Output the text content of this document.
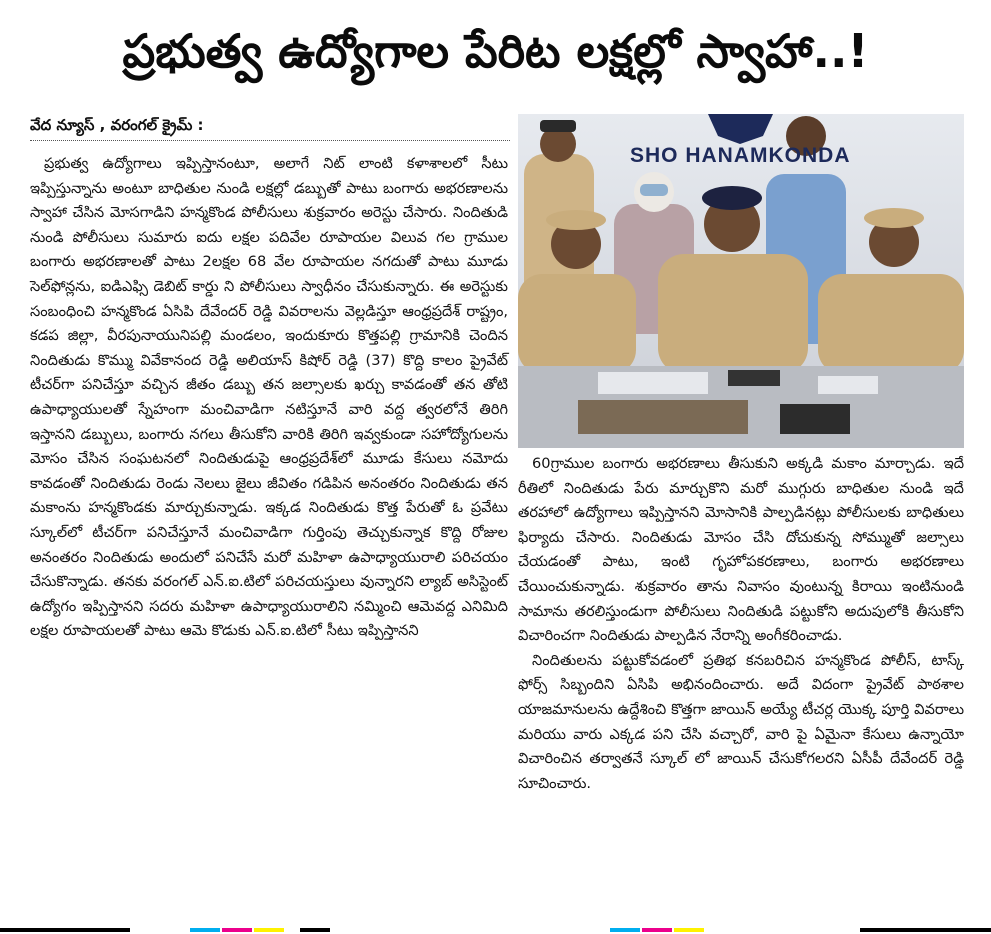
ప్రభుత్వ ఉద్యోగాల పేరిట లక్షల్లో స్వాహా..!
వేద న్యూస్ , వరంగల్ క్రైమ్ :

ప్రభుత్వ ఉద్యోగాలు ఇప్పిస్తానంటూ, అలాగే నిట్ లాంటి కళాశాలలో సీటు ఇప్పిస్తున్నాను అంటూ బాధితుల నుండి లక్షల్లో డబ్బుతో పాటు బంగారు అభరణాలను స్వాహా చేసిన మోసగాడిని హన్మకొండ పోలీసులు శుక్రవారం అరెస్టు చేసారు. నిందితుడి నుండి పోలీసులు సుమారు ఐదు లక్షల పదివేల రూపాయల విలువ గల గ్రాముల బంగారు అభరణాలతో పాటు 2లక్షల 68 వేల రూపాయల నగదుతో పాటు మూడు సెల్‌ఫోన్లను, ఐడిఎఫ్సి డెబిట్ కార్డు ని పోలీసులు స్వాధీనం చేసుకున్నారు. ఈ అరెస్టుకు సంబంధించి హన్మకొండ ఏసిపి దేవేందర్ రెడ్డి వివరాలను వెల్లడిస్తూ ఆంధ్రప్రదేశ్ రాష్ట్రం, కడప జిల్లా, వీరపునాయునిపల్లి మండలం, ఇందుకూరు కొత్తపల్లి గ్రామానికి చెందిన నిందితుడు కొమ్ము వివేకానంద రెడ్డి అలియాస్ కిషోర్ రెడ్డి (37) కొద్ది కాలం ప్రైవేట్ టీచర్‌గా పనిచేస్తూ వచ్చిన జీతం డబ్బు తన జల్సాలకు ఖర్చు కావడంతో తన తోటి ఉపాధ్యాయులతో స్నేహంగా మంచివాడిగా నటిస్తూనే వారి వద్ద త్వరలోనే తిరిగి ఇస్తానని డబ్బులు, బంగారు నగలు తీసుకోని వారికి తిరిగి ఇవ్వకుండా సహోద్యోగులను మోసం చేసిన సంఘటనలో నిందితుడుపై ఆంధ్రప్రదేశ్‌లో మూడు కేసులు నమోదు కావడంతో నిందితుడు రెండు నెలలు జైలు జీవితం గడిపిన అనంతరం నిందితుడు తన మకాంను హన్మకొండకు మార్చుకున్నాడు. ఇక్కడ నిందితుడు కొత్త పేరుతో ఓ ప్రవేటు స్కూల్‌లో టీచర్‌గా పనిచేస్తూనే మంచివాడిగా గుర్తింపు తెచ్చుకున్నాక కొద్ది రోజుల అనంతరం నిందితుడు అందులో పనిచేసే మరో మహిళా ఉపాధ్యాయురాలి పరిచయం చేసుకొన్నాడు. తనకు వరంగల్ ఎన్.ఐ.టిలో పరిచయస్తులు వున్నారని ల్యాబ్ అసిస్టెంట్ ఉద్యోగం ఇప్పిస్తానని సదరు మహిళా ఉపాధ్యాయురాలిని నమ్మించి ఆమెవద్ద ఎనిమిది లక్షల రూపాయలతో పాటు ఆమె కొడుకు ఎన్.ఐ.టిలో సీటు ఇప్పిస్తానని

SHO HANAMKONDA

60గ్రాముల బంగారు అభరణాలు తీసుకుని అక్కడి మకాం మార్చాడు. ఇదే రీతిలో నిందితుడు పేరు మార్చుకొని మరో ముగ్గురు బాధితుల నుండి ఇదే తరహాలో ఉద్యోగాలు ఇప్పిస్తానని మోసానికి పాల్పడినట్లు పోలీసులకు బాధితులు ఫిర్యాదు చేసారు. నిందితుడు మోసం చేసి దోచుకున్న సోమ్ముతో జల్సాలు చేయడంతో పాటు, ఇంటి గృహోపకరణాలు, బంగారు అభరణాలు చేయించుకున్నాడు. శుక్రవారం తాను నివాసం వుంటున్న కిరాయి ఇంటినుండి సామాను తరలిస్తుండుగా పోలీసులు నిందితుడి పట్టుకోని అదుపులోకి తీసుకోని విచారించగా నిందితుడు పాల్పడిన నేరాన్ని అంగీకరించాడు.

నిందితులను పట్టుకోవడంలో ప్రతిభ కనబరిచిన హన్మకొండ పోలీస్, టాస్క్ ఫోర్స్ సిబ్బందిని ఏసిపి అభినందించారు. అదే విదంగా ప్రైవేట్ పాఠశాల యాజమానులను ఉద్దేశించి కొత్తగా జాయిన్ అయ్యే టీచర్ల యొక్క పూర్తి వివరాలు మరియు వారు ఎక్కడ పని చేసి వచ్చారో, వారి పై ఏమైనా కేసులు ఉన్నాయో విచారించిన తర్వాతనే స్కూల్ లో జాయిన్ చేసుకోగలరని ఏసీపీ దేవేందర్ రెడ్డి సూచించారు.
